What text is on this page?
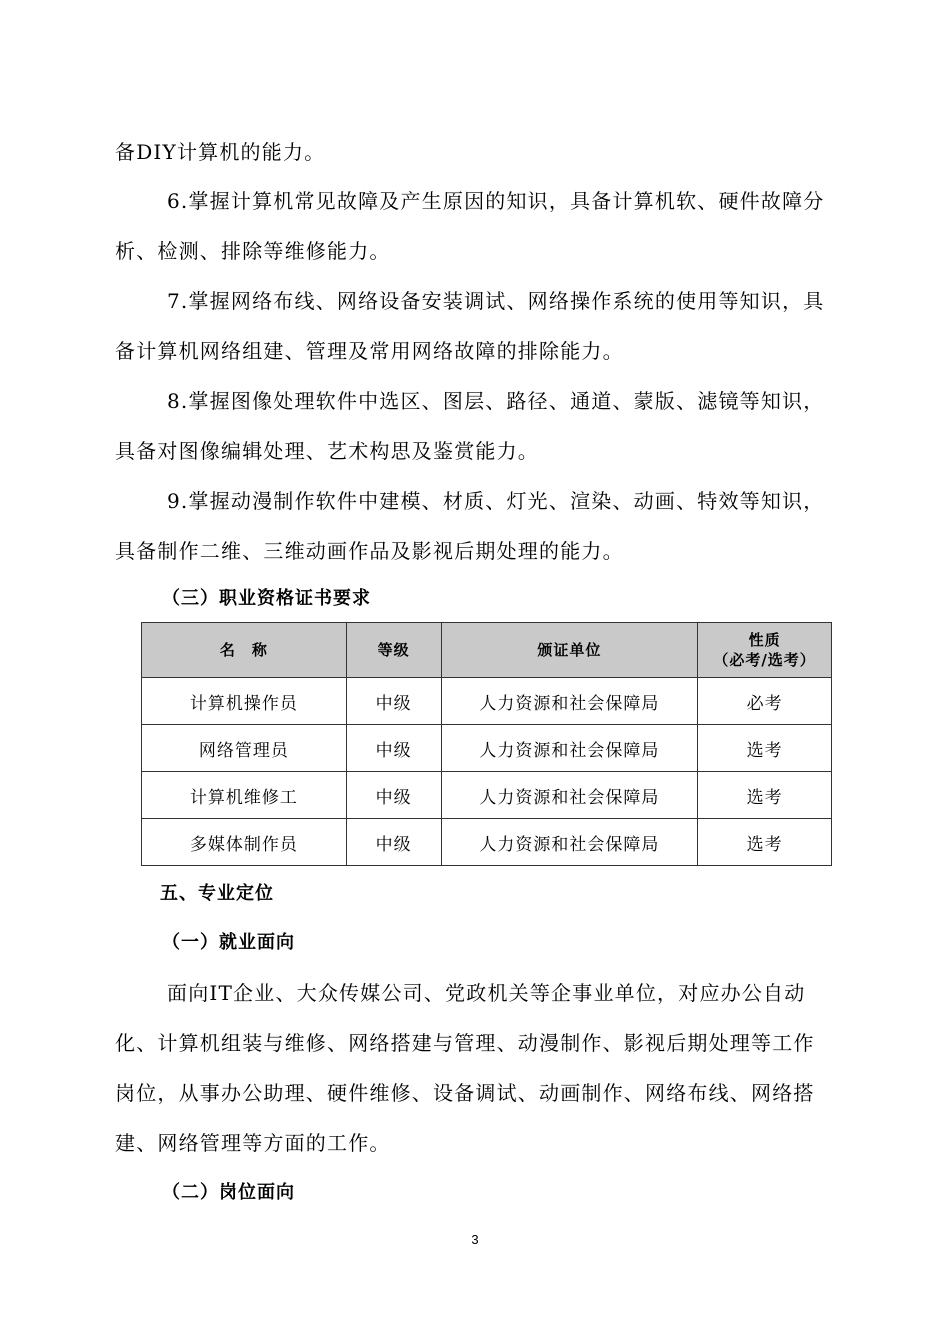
备DIY计算机的能力。
6.掌握计算机常见故障及产生原因的知识，具备计算机软、硬件故障分
析、检测、排除等维修能力。
7.掌握网络布线、网络设备安装调试、网络操作系统的使用等知识，具
备计算机网络组建、管理及常用网络故障的排除能力。
8.掌握图像处理软件中选区、图层、路径、通道、蒙版、滤镜等知识，
具备对图像编辑处理、艺术构思及鉴赏能力。
9.掌握动漫制作软件中建模、材质、灯光、渲染、动画、特效等知识，
具备制作二维、三维动画作品及影视后期处理的能力。
（三）职业资格证书要求
名　称	等级	颁证单位	性质
（必考/选考）

计算机操作员	中级	人力资源和社会保障局	必考
网络管理员	中级	人力资源和社会保障局	选考
计算机维修工	中级	人力资源和社会保障局	选考
多媒体制作员	中级	人力资源和社会保障局	选考
五、专业定位
（一）就业面向
面向IT企业、大众传媒公司、党政机关等企事业单位，对应办公自动
化、计算机组装与维修、网络搭建与管理、动漫制作、影视后期处理等工作
岗位，从事办公助理、硬件维修、设备调试、动画制作、网络布线、网络搭
建、网络管理等方面的工作。
（二）岗位面向
3
